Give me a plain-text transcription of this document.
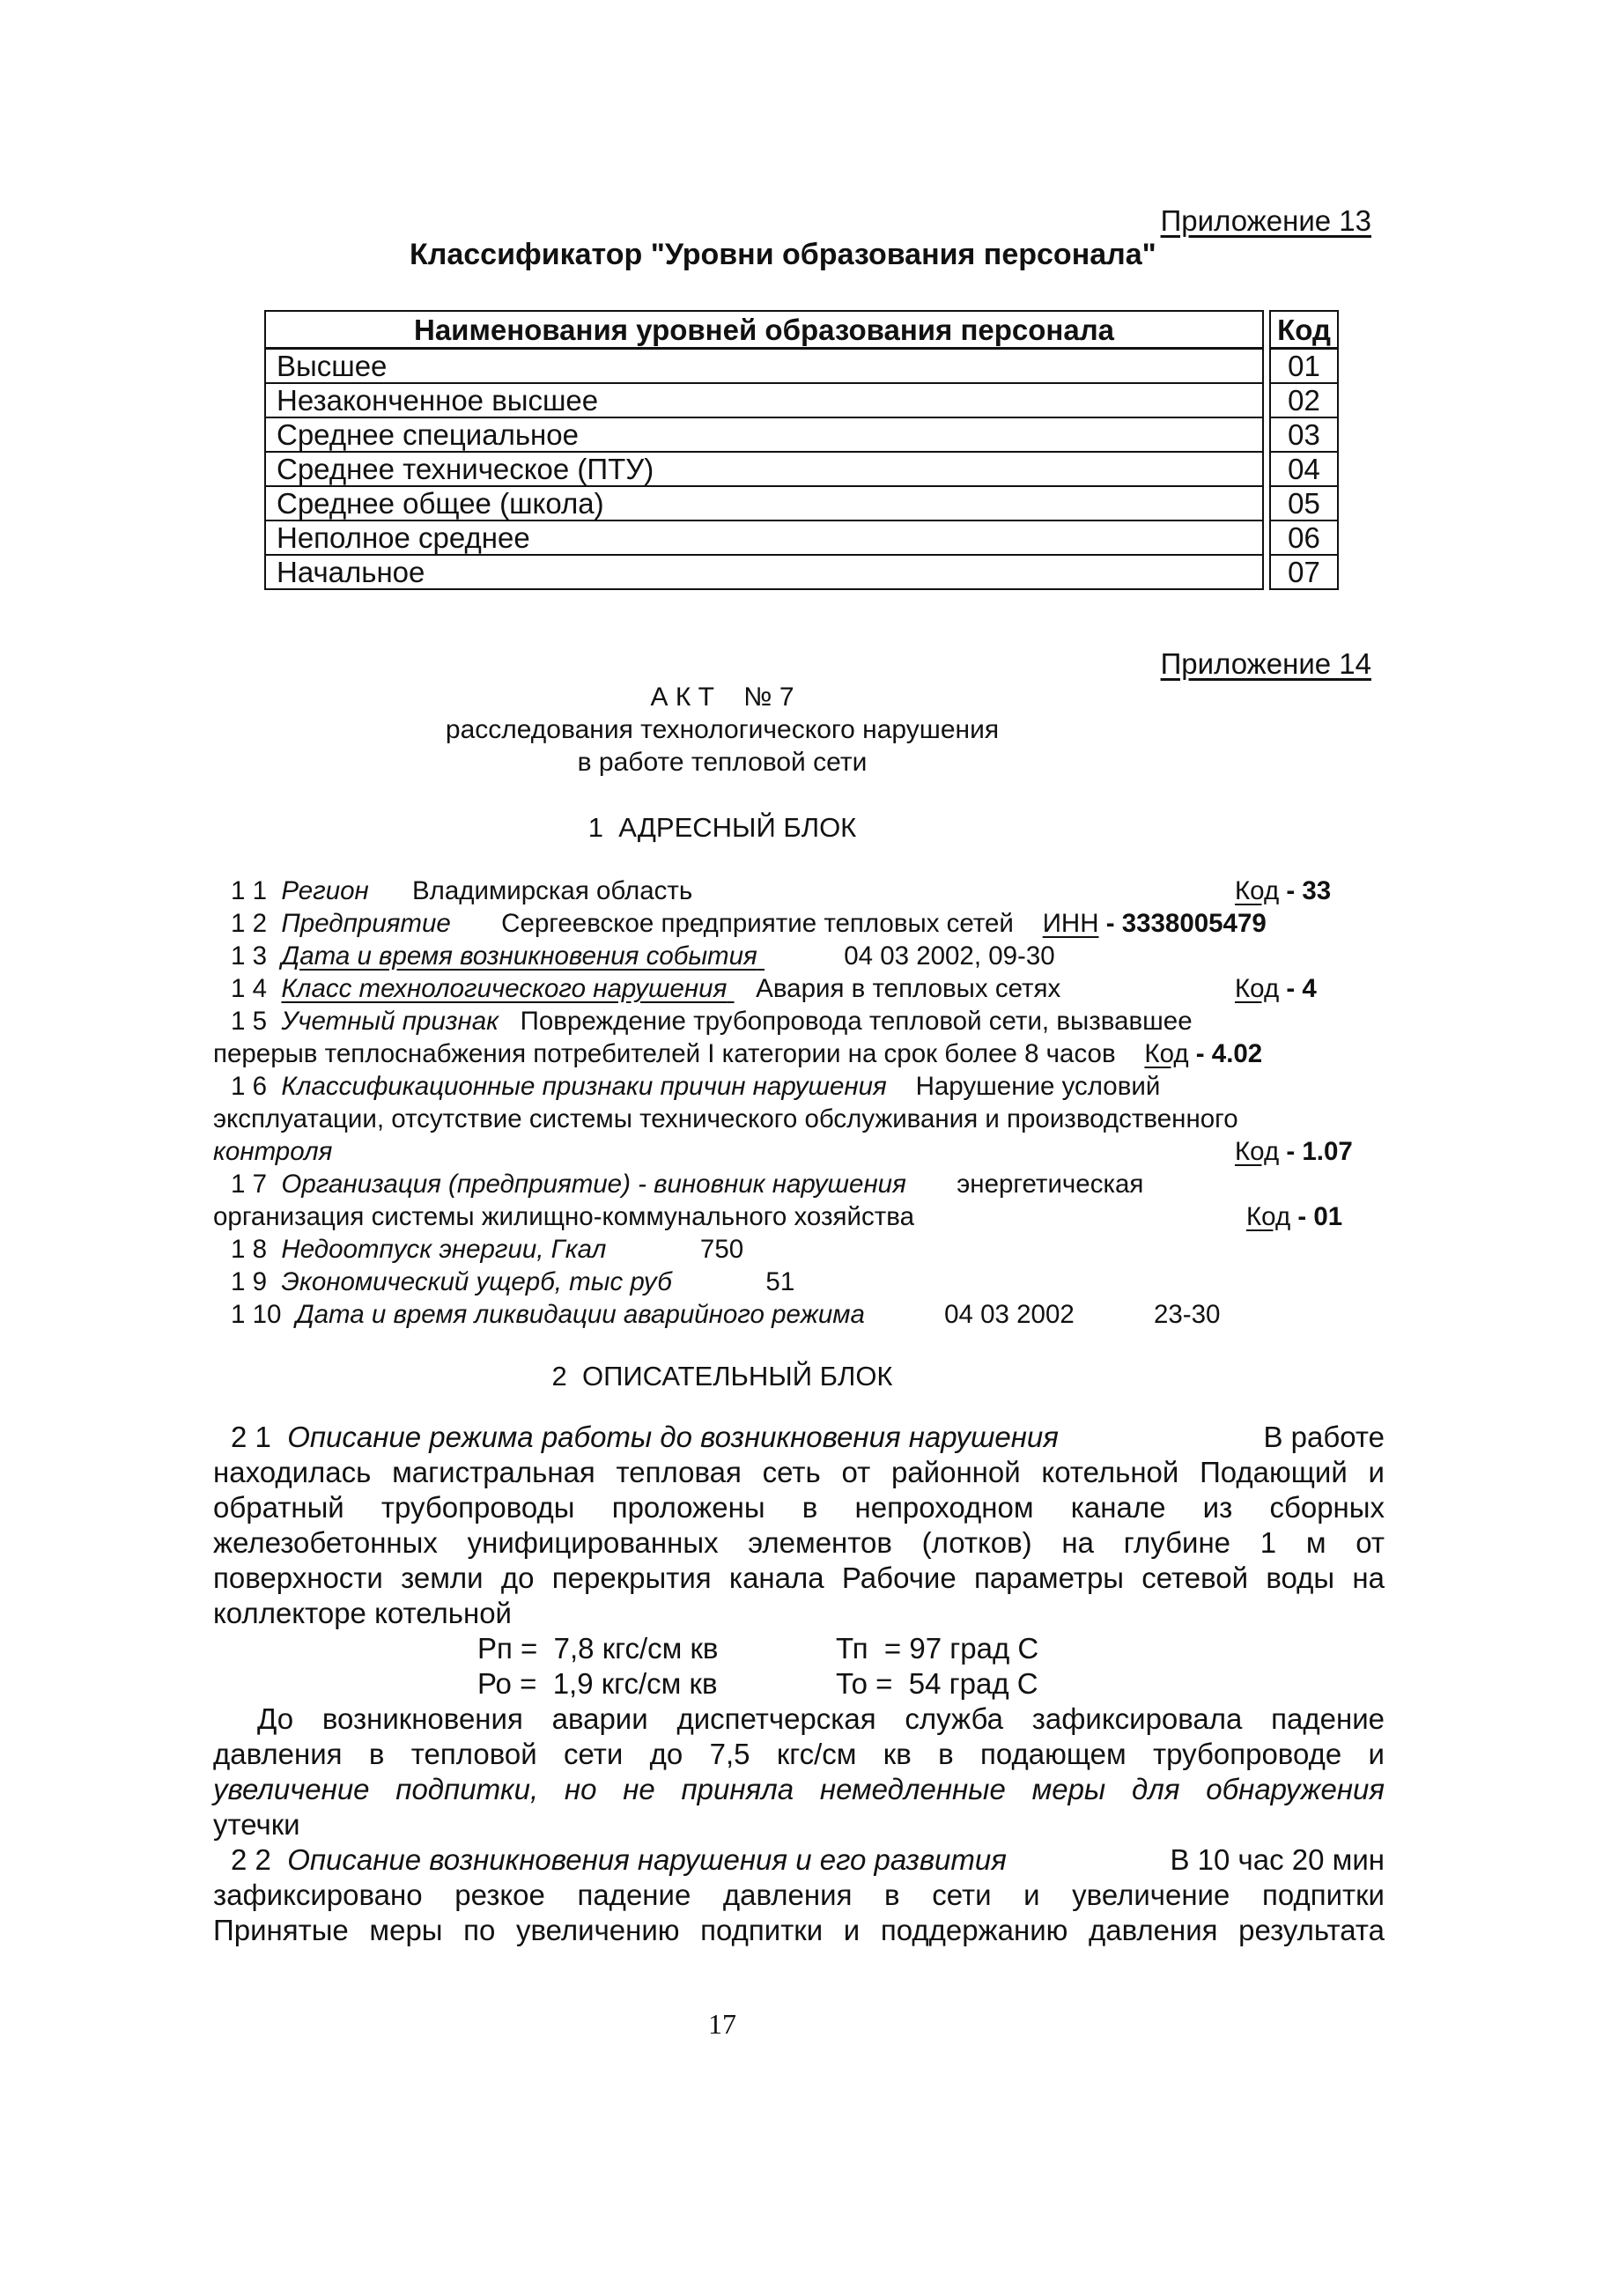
Приложение 13
Классификатор "Уровни образования персонала"
Наименования уровней образования персонала		Код
Высшее		01
Незаконченное высшее		02
Среднее специальное		03
Среднее техническое (ПТУ)		04
Среднее общее (школа)		05
Неполное среднее		06
Начальное		07
Приложение 14
А К Т    № 7
расследования технологического нарушения
в работе тепловой сети
1  АДРЕСНЫЙ БЛОК
1 1 Регион Владимирская область	Код - 33
1 2 Предприятие Сергеевское предприятие тепловых сетей ИНН - 3338005479
1 3 Дата и время возникновения события	04 03 2002, 09-30
1 4 Класс технологического нарушения Авария в тепловых сетях	Код - 4
1 5 Учетный признак Повреждение трубопровода тепловой сети, вызвавшее
перерыв теплоснабжения потребителей I категории на срок более 8 часов Код - 4.02
1 6 Классификационные признаки причин нарушения Нарушение условий
эксплуатации, отсутствие системы технического обслуживания и производственного
контроля	Код - 1.07
1 7 Организация (предприятие) - виновник нарушения энергетическая
организация системы жилищно-коммунального хозяйства	Код - 01
1 8 Недоотпуск энергии, Гкал	750
1 9 Экономический ущерб, тыс руб	51
1 10 Дата и время ликвидации аварийного режима	04 03 2002	23-30
2  ОПИСАТЕЛЬНЫЙ БЛОК
2 1 Описание режима работы до возникновения нарушения	В работе
находилась магистральная тепловая сеть от районной котельной Подающий и
обратный трубопроводы проложены в непроходном канале из сборных
железобетонных унифицированных элементов (лотков) на глубине 1 м от
поверхности земли до перекрытия канала Рабочие параметры сетевой воды на
коллекторе котельной
Рп =  7,8 кгс/см кв	Тп  = 97 град С
Ро =  1,9 кгс/см кв	То =  54 град С
До возникновения аварии диспетчерская служба зафиксировала падение
давления в тепловой сети до 7,5 кгс/см кв в подающем трубопроводе и
увеличение подпитки, но не приняла немедленные меры для обнаружения
утечки
2 2 Описание возникновения нарушения и его развития	В 10 час 20 мин
зафиксировано резкое падение давления в сети и увеличение подпитки
Принятые меры по увеличению подпитки и поддержанию давления результата
17
